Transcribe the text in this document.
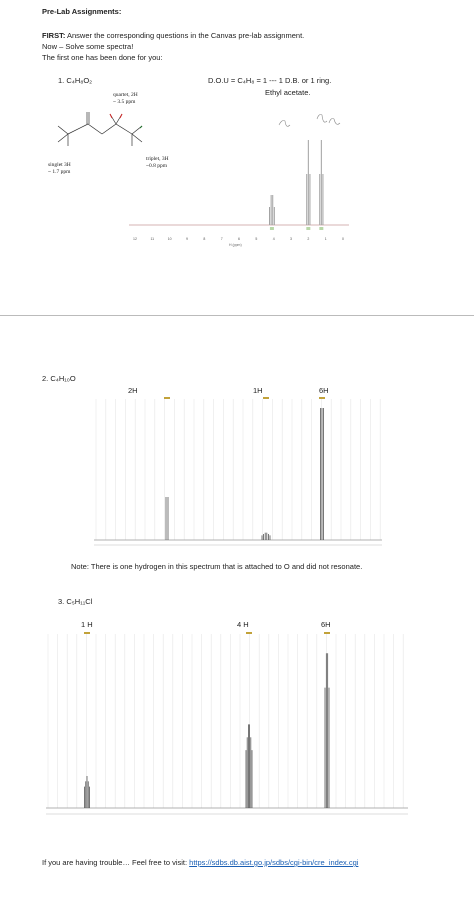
Pre-Lab Assignments:
FIRST: Answer the corresponding questions in the Canvas pre-lab assignment.
Now – Solve some spectra!
The first one has been done for you:
1. C₄H₈O₂	D.O.U = C₄H₈ = 1 --- 1 D.B. or 1 ring.
Ethyl acetate.
quartet, 2H
~ 3.5 ppm
singlet 3H
~ 1.7 ppm
triplet, 3H
~0.8 ppm
12	11	10	9	8	7	6	5	4	3	2	1	0
H (ppm)
2. C₄H₁₀O
2H	1H	6H
Note: There is one hydrogen in this spectrum that is attached to O and did not resonate.
3. C₅H₁₁Cl
1 H	4 H	6H
If you are having trouble… Feel free to visit: https://sdbs.db.aist.go.jp/sdbs/cgi-bin/cre_index.cgi
